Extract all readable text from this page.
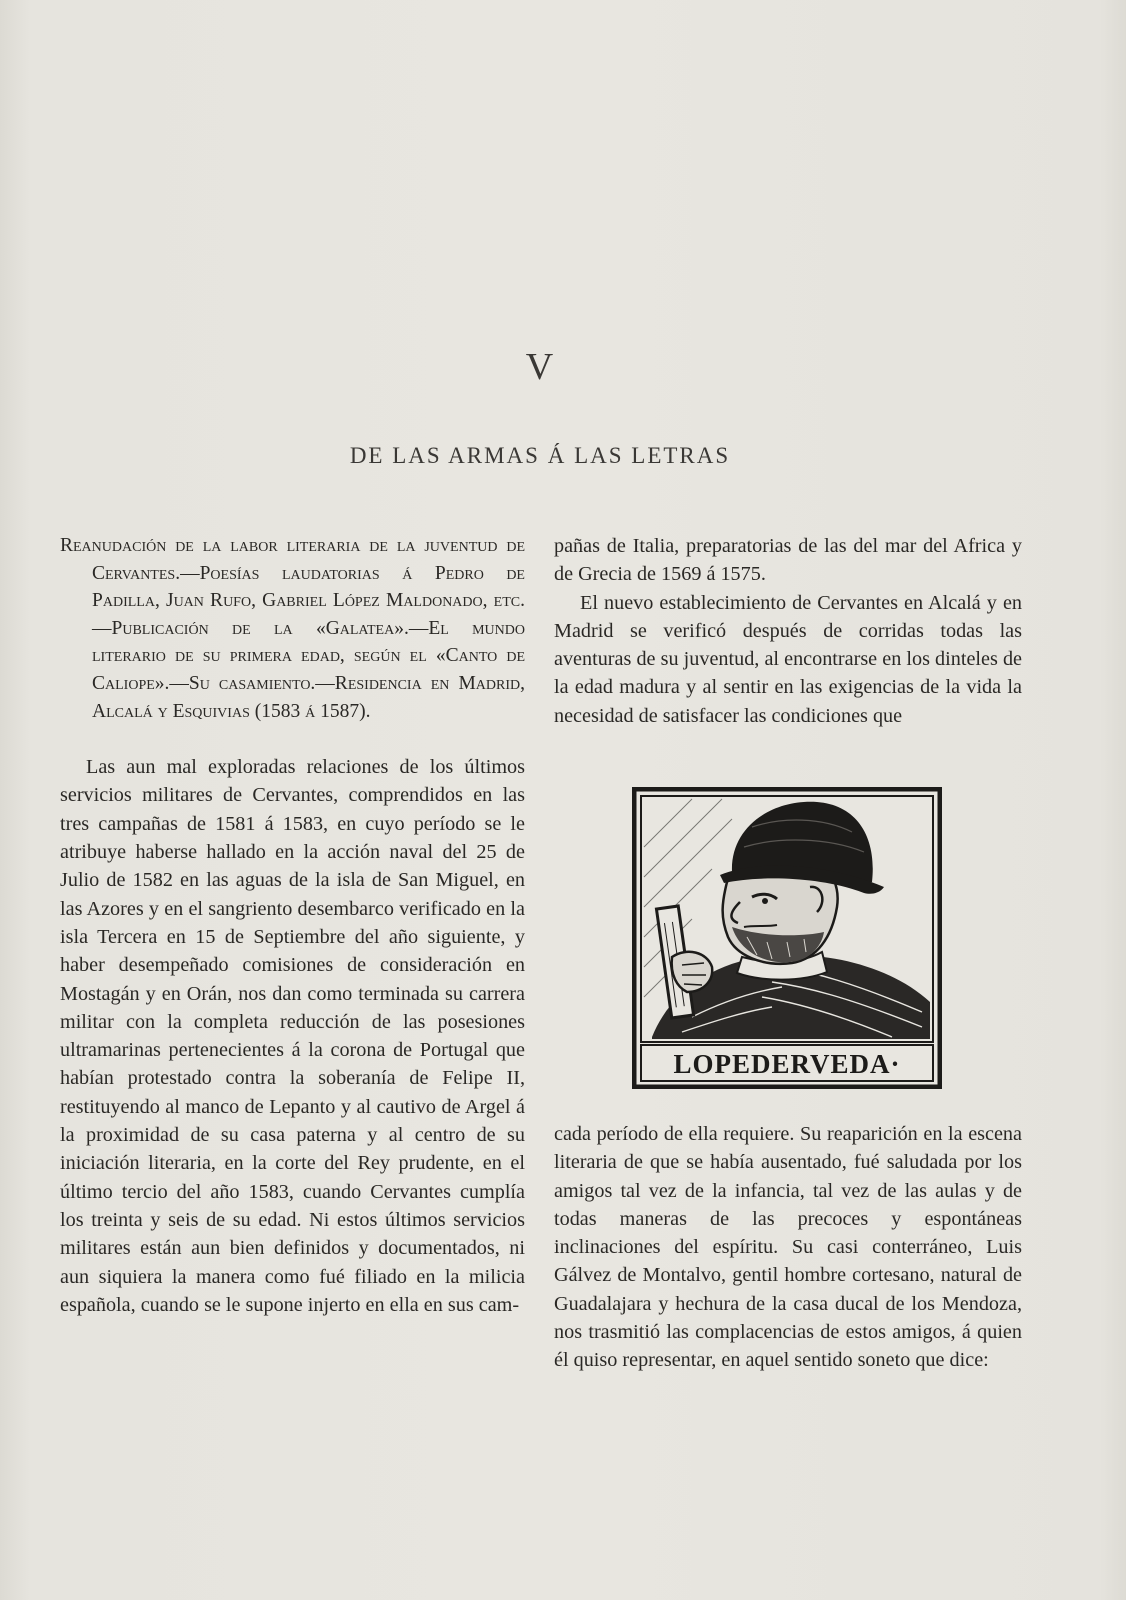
V
DE LAS ARMAS Á LAS LETRAS

Reanudación de la labor literaria de la juventud de Cervantes.—Poesías laudatorias á Pedro de Padilla, Juan Rufo, Gabriel López Maldonado, etc.—Publicación de la «Galatea».—El mundo literario de su primera edad, según el «Canto de Caliope».—Su casamiento.—Residencia en Madrid, Alcalá y Esquivias (1583 á 1587).

Las aun mal exploradas relaciones de los últimos servicios militares de Cervantes, comprendidos en las tres campañas de 1581 á 1583, en cuyo período se le atribuye haberse hallado en la acción naval del 25 de Julio de 1582 en las aguas de la isla de San Miguel, en las Azores y en el sangriento desembarco verificado en la isla Tercera en 15 de Septiembre del año siguiente, y haber desempeñado comisiones de consideración en Mostagán y en Orán, nos dan como terminada su carrera militar con la completa reducción de las posesiones ultramarinas pertenecientes á la corona de Portugal que habían protestado contra la soberanía de Felipe II, restituyendo al manco de Lepanto y al cautivo de Argel á la proximidad de su casa paterna y al centro de su iniciación literaria, en la corte del Rey prudente, en el último tercio del año 1583, cuando Cervantes cumplía los treinta y seis de su edad. Ni estos últimos servicios militares están aun bien definidos y documentados, ni aun siquiera la manera como fué filiado en la milicia española, cuando se le supone injerto en ella en sus cam-

pañas de Italia, preparatorias de las del mar del Africa y de Grecia de 1569 á 1575.

El nuevo establecimiento de Cervantes en Alcalá y en Madrid se verificó después de corridas todas las aventuras de su juventud, al encontrarse en los dinteles de la edad madura y al sentir en las exigencias de la vida la necesidad de satisfacer las condiciones que

LOPEDERVEDA·

cada período de ella requiere. Su reaparición en la escena literaria de que se había ausentado, fué saludada por los amigos tal vez de la infancia, tal vez de las aulas y de todas maneras de las precoces y espontáneas inclinaciones del espíritu. Su casi conterráneo, Luis Gálvez de Montalvo, gentil hombre cortesano, natural de Guadalajara y hechura de la casa ducal de los Mendoza, nos trasmitió las complacencias de estos amigos, á quien él quiso representar, en aquel sentido soneto que dice:
